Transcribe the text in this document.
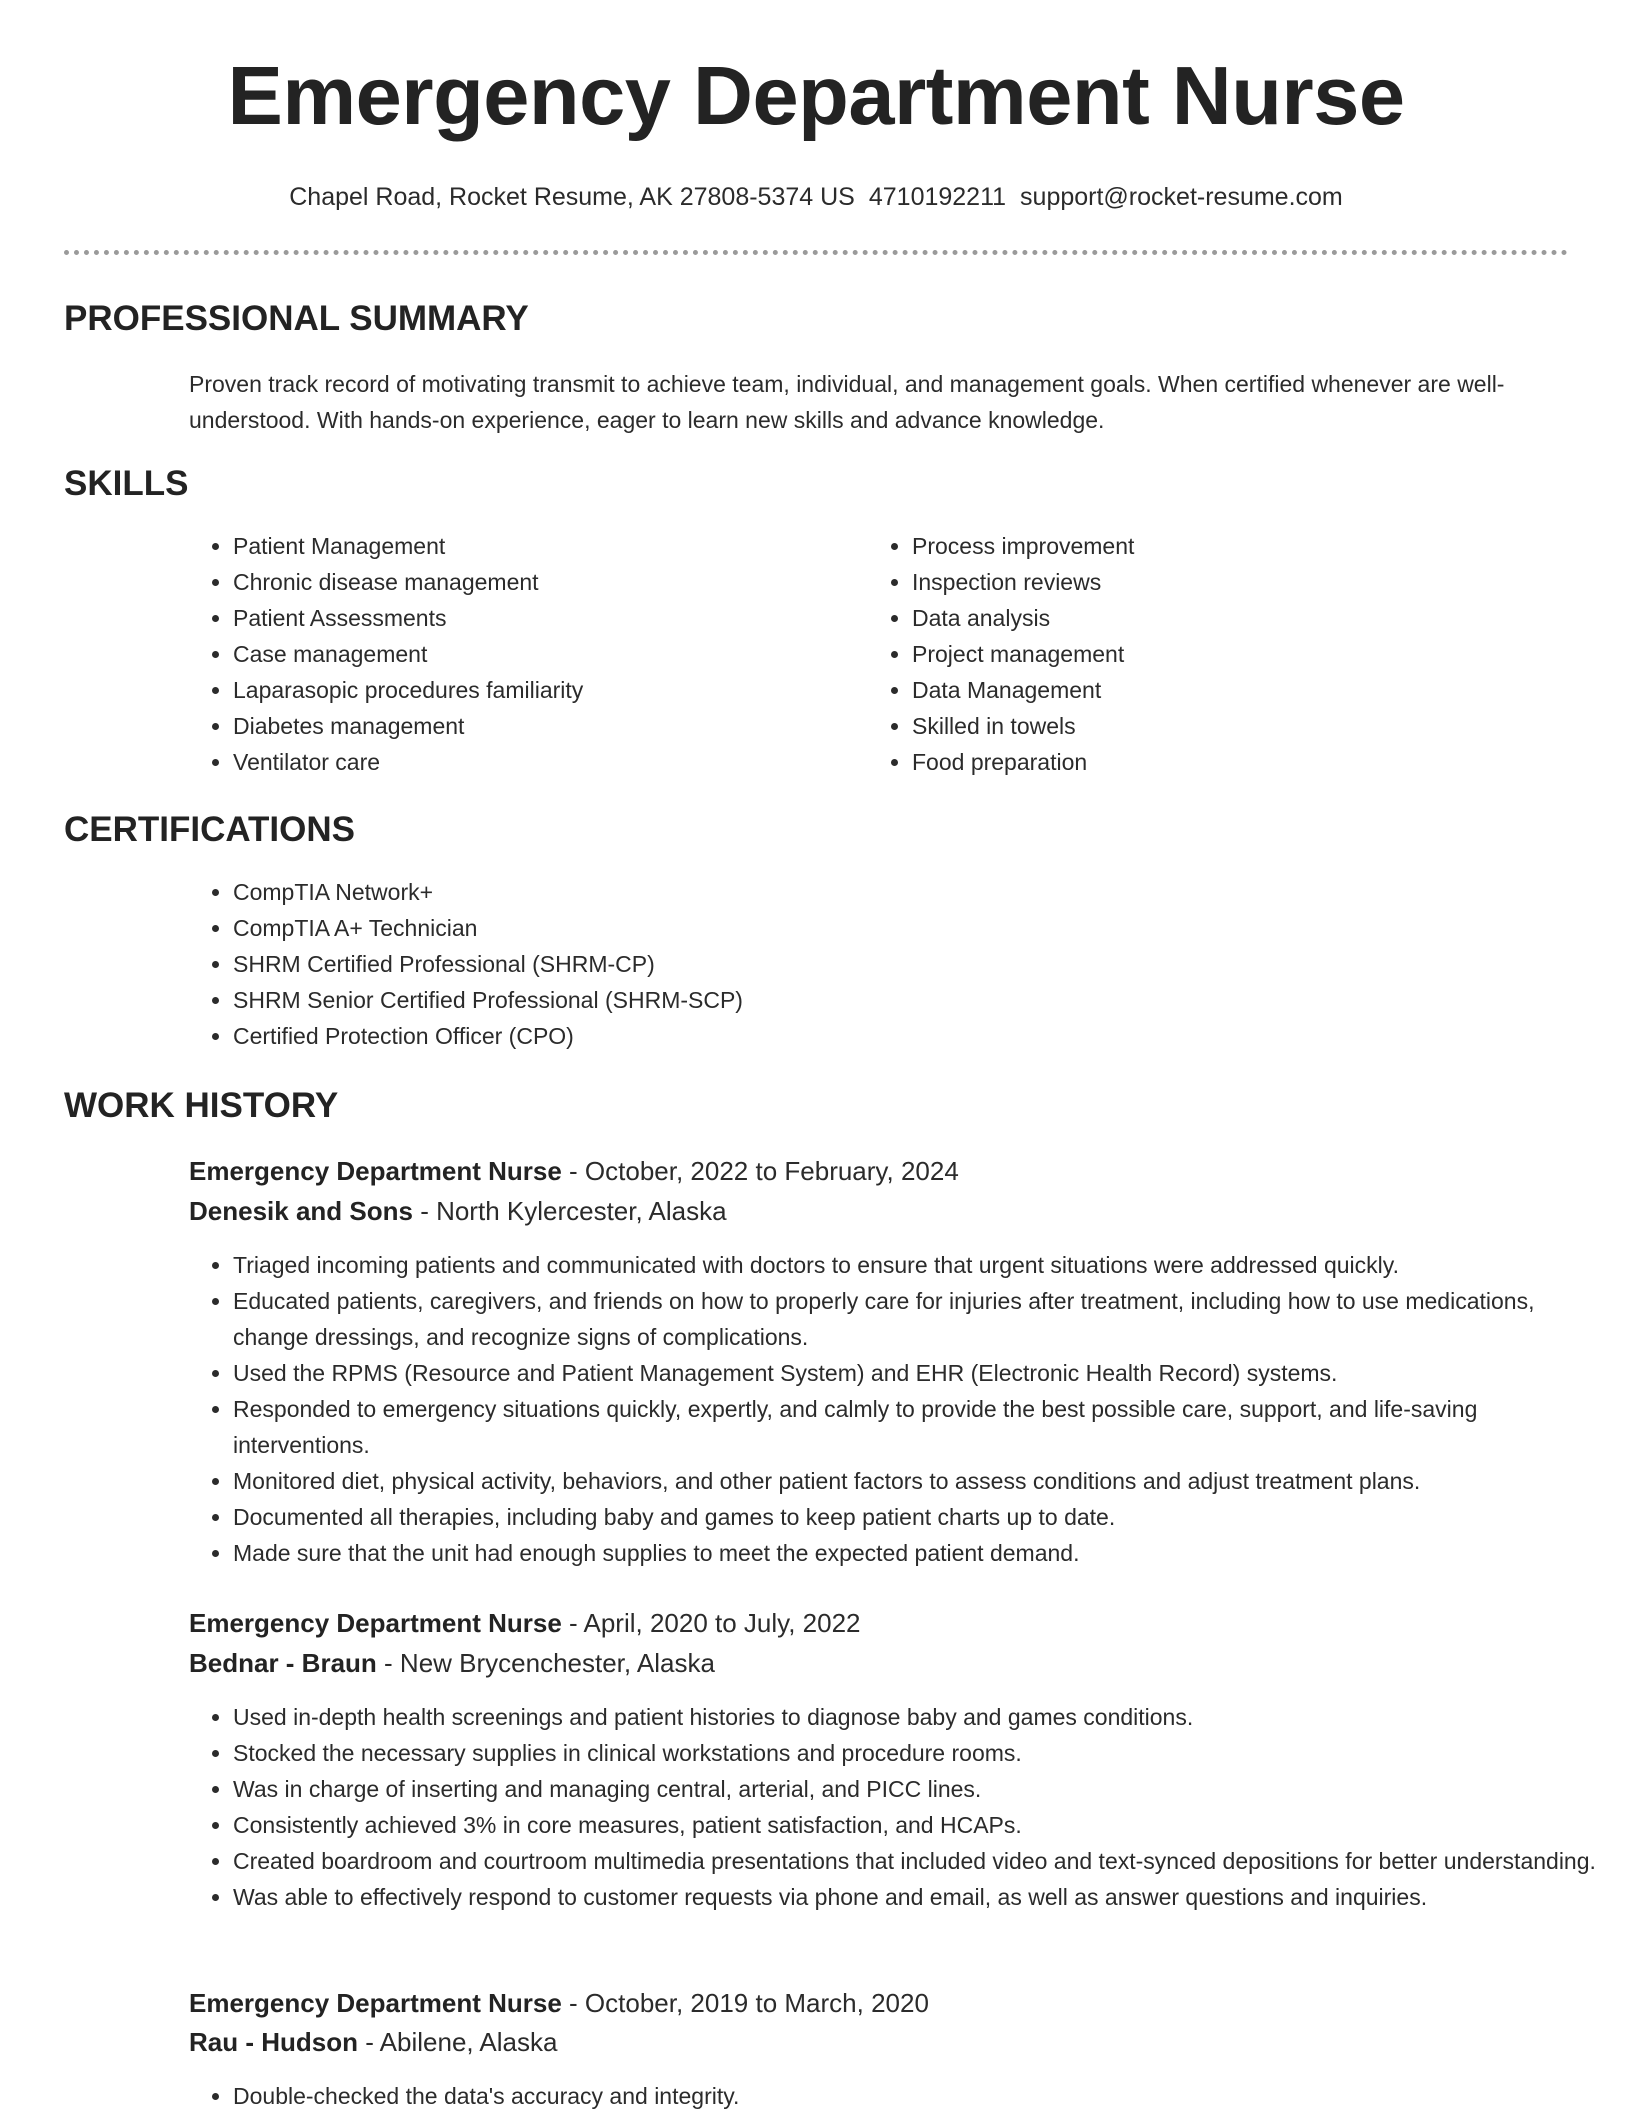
Emergency Department Nurse
Chapel Road, Rocket Resume, AK 27808-5374 US 4710192211 support@rocket-resume.com
PROFESSIONAL SUMMARY

Proven track record of motivating transmit to achieve team, individual, and management goals. When certified whenever are well-understood. With hands-on experience, eager to learn new skills and advance knowledge.

SKILLS
• Patient Management
• Chronic disease management
• Patient Assessments
• Case management
• Laparasopic procedures familiarity
• Diabetes management
• Ventilator care
• Process improvement
• Inspection reviews
• Data analysis
• Project management
• Data Management
• Skilled in towels
• Food preparation
CERTIFICATIONS
• CompTIA Network+
• CompTIA A+ Technician
• SHRM Certified Professional (SHRM-CP)
• SHRM Senior Certified Professional (SHRM-SCP)
• Certified Protection Officer (CPO)
WORK HISTORY
Emergency Department Nurse - October, 2022 to February, 2024
Denesik and Sons - North Kylercester, Alaska
• Triaged incoming patients and communicated with doctors to ensure that urgent situations were addressed quickly.
• Educated patients, caregivers, and friends on how to properly care for injuries after treatment, including how to use medications, change dressings, and recognize signs of complications.
• Used the RPMS (Resource and Patient Management System) and EHR (Electronic Health Record) systems.
• Responded to emergency situations quickly, expertly, and calmly to provide the best possible care, support, and life-saving interventions.
• Monitored diet, physical activity, behaviors, and other patient factors to assess conditions and adjust treatment plans.
• Documented all therapies, including baby and games to keep patient charts up to date.
• Made sure that the unit had enough supplies to meet the expected patient demand.
Emergency Department Nurse - April, 2020 to July, 2022
Bednar - Braun - New Brycenchester, Alaska
• Used in-depth health screenings and patient histories to diagnose baby and games conditions.
• Stocked the necessary supplies in clinical workstations and procedure rooms.
• Was in charge of inserting and managing central, arterial, and PICC lines.
• Consistently achieved 3% in core measures, patient satisfaction, and HCAPs.
• Created boardroom and courtroom multimedia presentations that included video and text-synced depositions for better understanding.
• Was able to effectively respond to customer requests via phone and email, as well as answer questions and inquiries.
Emergency Department Nurse - October, 2019 to March, 2020
Rau - Hudson - Abilene, Alaska
• Double-checked the data's accuracy and integrity.
